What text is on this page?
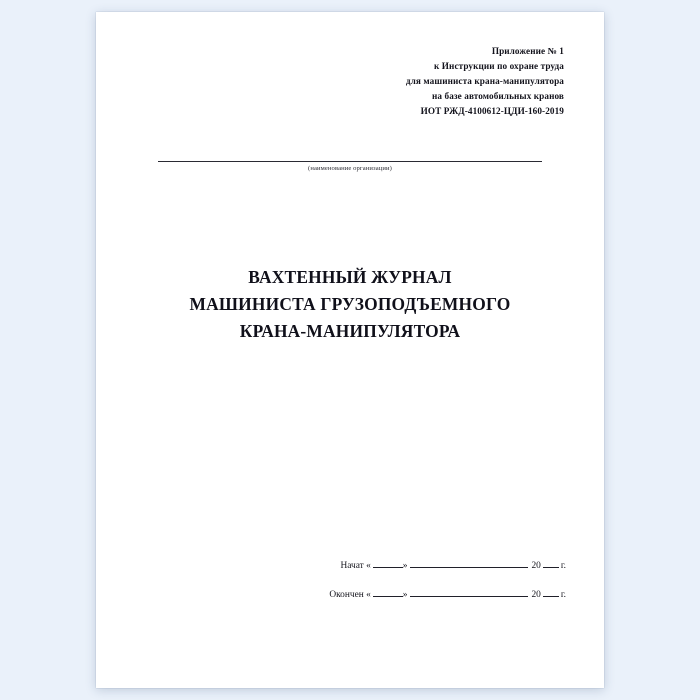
Приложение № 1
к Инструкции по охране труда
для машиниста крана-манипулятора
на базе автомобильных кранов
ИОТ РЖД-4100612-ЦДИ-160-2019
(наименование организации)
ВАХТЕННЫЙ ЖУРНАЛ
МАШИНИСТА ГРУЗОПОДЪЕМНОГО
КРАНА-МАНИПУЛЯТОРА
Начат «	»	20 г.
Окончен «	»	20 г.
